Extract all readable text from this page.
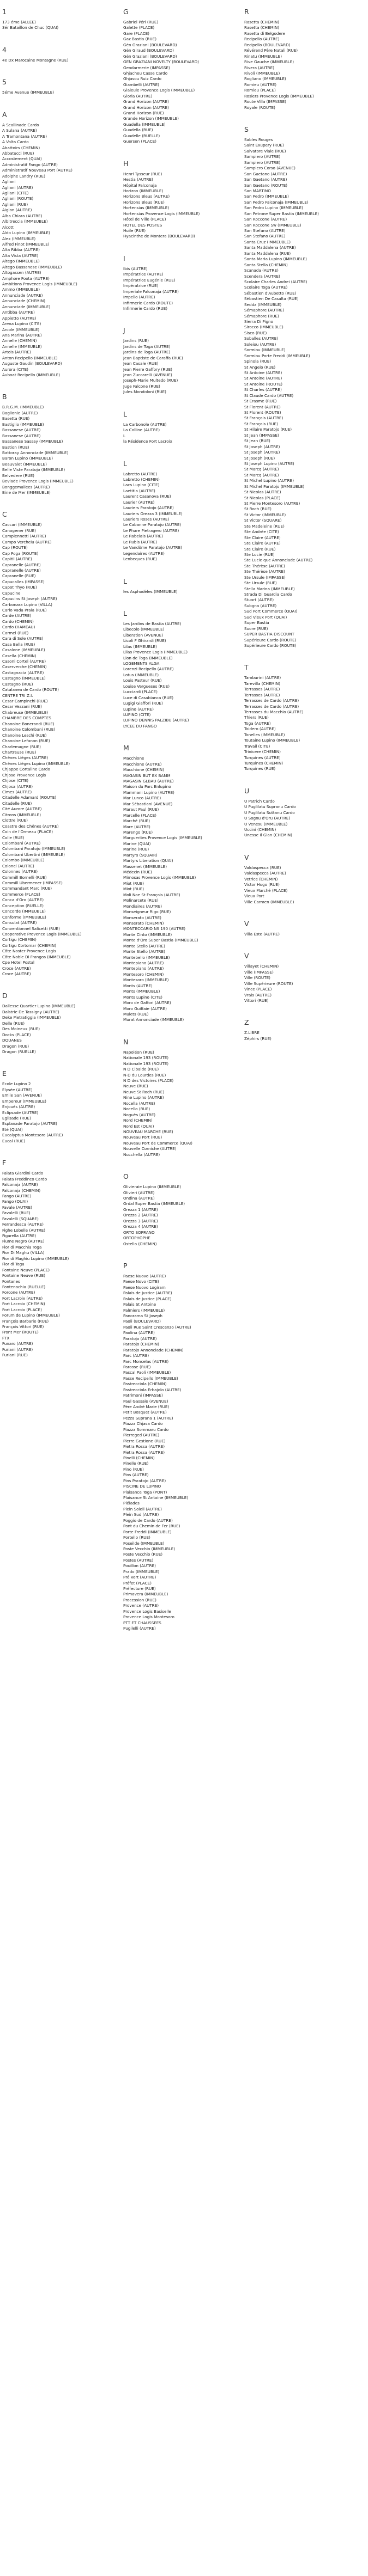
1
173 éme (ALLEE)
3ér Bataillon de Chuc (QUAI)
4
4e Dx Marocaine Montagne (RUE)
5
5éme Avenue (IMMEUBLE)
A
A Scallinade Cardo
A Sulana (AUTRE)
A Tramontana (AUTRE)
A Volta Cardo
Abattoirs (CHEMIN)
Abbatucci (RUE)
Accostement (QUAI)
Administratif Fango (AUTRE)
Administratif Nouveau Port (AUTRE)
Adolphe Landry (RUE)
Agliani
Agliani (AUTRE)
Agliani (CITE)
Agliani (ROUTE)
Agliani (RUE)
Aiglon (AUTRE)
Alba Chiara (AUTRE)
Albitreccia (IMMEUBLE)
Alcott
Aldo Lupino (IMMEUBLE)
Alex (IMMEUBLE)
Alfred Finot (IMMEUBLE)
Alta Ribba (AUTRE)
Alta Vista (AUTRE)
Altego (IMMEUBLE)
Altego Bassanese (IMMEUBLE)
Altogassen (AUTRE)
Amphore Foota (AUTRE)
Ambitions Provence Logis (IMMEUBLE)
Ammo (IMMEUBLE)
Annunciade (AUTRE)
Annunciade (CHEMIN)
Annunciade (IMMEUBLE)
Antibba (AUTRE)
Appietto (AUTRE)
Arena Lupino (CITE)
Arcole (IMMEUBLE)
Ana Marina (AUTRE)
Annelle (CHEMIN)
Annelle (IMMEUBLE)
Artois (AUTRE)
Anton Recipello (IMMEUBLE)
Auguste Gaudin (BOULEVARD)
Aurora (CITE)
Auboat Recipello (IMMEUBLE)
B
B.R.G.M. (IMMEUBLE)
Baglionie (AUTRE)
Basetta (RUE)
Bastiglio (IMMEUBLE)
Bassanese (AUTRE)
Bassanese (AUTRE)
Bassanese Sassay (IMMEUBLE)
Bastion (RUE)
Battoray Annonciade (IMMEUBLE)
Baron Lupino (IMMEUBLE)
Beauvalet (IMMEUBLE)
Belle Viste Paratojo (IMMEUBLE)
Belvedere (RUE)
Beviade Provence Logis (IMMEUBLE)
Bonggemaliees (AUTRE)
Bine de Mer (IMMEUBLE)
C
Caccari (IMMEUBLE)
Canogener (RUE)
Campiennetti (AUTRE)
Campo Vercheiu (AUTRE)
Cap (ROUTE)
Cap Foga (ROUTE)
Capitil (AUTRE)
Capranelle (AUTRE)
Capranelle (AUTRE)
Capranelle (RUE)
Capucalles (IMPASSE)
Capot Thyo (RUE)
Capucine
Capucins St Joseph (AUTRE)
Carbonara Lupino (VILLA)
Carlo Vada Praia (RUE)
Carde (AUTRE)
Cardo (CHEMIN)
Cardo (HAMEAU)
Carmel (RUE)
Cara di Sole (AUTRE)
Casa Bella (RUE)
Casalone (IMMEUBLE)
Casella (CHEMIN)
Casoni Cortel (AUTRE)
Caserverche (CHEMIN)
Castagnacia (AUTRE)
Castagno (IMMEUBLE)
Castagno (RUE)
Catalanea de Cardo (ROUTE)
CENTRE TRI Z.I.
Cesar Campinchi (RUE)
Cesar Vezzani (RUE)
Chabreuse (IMMEUBLE)
CHAMBRE DES COMPTES
Chanoine Bonerandi (RUE)
Chanoine Colombani (RUE)
Chanoine Leschi (RUE)
Chanoine Lefanon (RUE)
Charlemagne (RUE)
Chartreuse (RUE)
Chênes Liéges (AUTRE)
Chênes Liéges Lupino (IMMEUBLE)
Chjappe Cortaline Cardo
Chjose Provence Logis
Chjose (CITE)
Chjosa (AUTRE)
Cimes (AUTRE)
Citadelle Adamard (ROUTE)
Citadelle (RUE)
Cité Aurore (AUTRE)
Citrons (IMMEUBLE)
Clottre (RUE)
Coastre des Chênes (AUTRE)
Coin de l'Ormeau (PLACE)
Colle (RUE)
Colombani (AUTRE)
Colombani Paratojo (IMMEUBLE)
Colombani Ubertini (IMMEUBLE)
Colombo (IMMEUBLE)
Colonel (AUTRE)
Colonnes (AUTRE)
Commill Bornelli (RUE)
Commill Ubermener (IMPASSE)
Commandant Marc (RUE)
Commerce (PLACE)
Conca d'Oro (AUTRE)
Conception (RUELLE)
Concorde (IMMEUBLE)
Conforme (IMMEUBLE)
Consulat (AUTRE)
Conventionnel Salicetti (RUE)
Cooperative Provence Logis (IMMEUBLE)
Cortigu (CHEMIN)
Cortigu Cortomar (CHEMIN)
Côte Noster Provence Logis
Côte Noble Di Frangos (IMMEUBLE)
Cpe Hotel Postal
Croce (AUTRE)
Croce (AUTRE)
D
Dallesse Quartier Lupino (IMMEUBLE)
Dalstrie De Tassigny (AUTRE)
Deke Pietratiggia (IMMEUBLE)
Delle (RUE)
Des Moineux (RUE)
Docks (PLACE)
DOUANES
Dragon (RUE)
Dragon (RUELLE)
E
Ecole Lupino 2
Elysée (AUTRE)
Emile San (AVENUE)
Empereur (IMMEUBLE)
Enjoués (AUTRE)
Eclipsade (AUTRE)
Eglisade (RUE)
Esplanade Paratojo (AUTRE)
Eté (QUAI)
Eucalyptus Montesoro (AUTRE)
Eucal (RUE)
F
Falata Giardini Cardo
Falata Freddinco Cardo
Falconaja (AUTRE)
Falconaja (CHEMIN)
Fango (AUTRE)
Fango (QUAI)
Favale (AUTRE)
Favalelli (RUE)
Favalelli (SQUARE)
Ferrandesca (AUTRE)
Fighe Lobelle (AUTRE)
Figarella (AUTRE)
Fiume Negro (AUTRE)
Fior di Macchia Toga
Fior Di Maghu (VILLA)
Fior di Maghiu Lupino (IMMEUBLE)
Fior di Toga
Fontaine Neuve (PLACE)
Fontaine Neuve (RUE)
Fontanes
Fontenochia (RUELLE)
Forcone (AUTRE)
Fort Lacroix (AUTRE)
Fort Lacroix (CHEMIN)
Fort Lacroix (PLACE)
Forum de Lupino (IMMEUBLE)
François Barbarie (RUE)
François Vittori (RUE)
Front Mer (ROUTE)
FTX
Funaro (AUTRE)
Furiani (AUTRE)
Furiani (RUE)
G
Gabriel Péri (RUE)
Galette (PLACE)
Gare (PLACE)
Gaz Bastia (RUE)
Gén Graziani (BOULEVARD)
Gén Giraud (BOULEVARD)
Gén Graziani (BOULEVARD)
GEN GRAZIANI NOVELTY (BOULEVARD)
Gendarmerie (IMPASSE)
Ghjacheu Casse Cardo
Ghjasou Ruiz Cardo
Giambelli (AUTRE)
Glaieule Provence Logis (IMMEUBLE)
Gloria (AUTRE)
Grand Horizon (AUTRE)
Grand Horizon (AUTRE)
Grand Horizon (RUE)
Grande Horizon (IMMEUBLE)
Guadella (IMMEUBLE)
Guadella (RUE)
Guadelle (RUELLE)
Guersen (PLACE)
H
Henri Tysseur (RUE)
Hestia (AUTRE)
Hôpital Falconaja
Horizon (IMMEUBLE)
Horizons Bleus (AUTRE)
Horizons Bleus (RUE)
Hortensias (IMMEUBLE)
Hortensias Provence Logis (IMMEUBLE)
Hôtel de Ville (PLACE)
HOTEL DES POSTES
Huile (RUE)
Hyacinthe de Montera (BOULEVARD)
I
Ibis (AUTRE)
Impératrice (AUTRE)
Impératrice Eugénie (RUE)
Impératrice (RUE)
Imperiale Falconaja (AUTRE)
Impello (AUTRE)
Infirmerie Cardo (ROUTE)
Infirmerie Cardo (RUE)
J
Jardins (RUE)
Jardins de Toga (AUTRE)
Jardins de Toga (AUTRE)
Jean Baptiste de Caraffa (RUE)
Jean Casale (RUE)
Jean Pierre Gaffory (RUE)
Jean Zuccarelli (AVENUE)
Joseph-Marie Multedo (RUE)
Juge Falcone (RUE)
Jules Mondoloni (RUE)
L
La Carbonole (AUTRE)
La Colline (AUTRE)
L
la Résidence Fort Lacroix
L
Labretto (AUTRE)
Labretto (CHEMIN)
Lacs Lupino (CITE)
Laetitia (AUTRE)
Laurent Casanova (RUE)
Laurier (AUTRE)
Lauriers Paratojo (AUTRE)
Lauriers Orezza 3 (IMMEUBLE)
Lauriers Roses (AUTRE)
Le Cabanne Paratojo (AUTRE)
Le Phare Pietragero (AUTRE)
Le Rabelais (AUTRE)
Le Rubis (AUTRE)
Le Vandôme Paratojo (AUTRE)
Legendaires (AUTRE)
Lenbeques (RUE)
L
les Asphodèles (IMMEUBLE)
L
Les Jardins de Bastia (AUTRE)
Libecolo (IMMEUBLE)
Liberation (AVENUE)
Licoli F Ghirardi (RUE)
Lilas (IMMEUBLE)
Lilas Provence Logis (IMMEUBLE)
Lion de Toga (IMMEUBLE)
LOGEMENTS ALGA
Lorenzi Recipello (AUTRE)
Lotus (IMMEUBLE)
Louis Pasteur (RUE)
Louise Vergueses (RUE)
Lucciardi (PLACE)
Luce di Casabianca (RUE)
Lugigi Giaffori (RUE)
Lupino (AUTRE)
LUPINO (CITE)
LUPINO DENNIS PALZIBU (AUTRE)
LYCEE DU FANGO
M
Macchione
Macchione (AUTRE)
Macchione (CHEMIN)
MAGASIN BUT EX BAMM
MAGASIN GLBAU (AUTRE)
Maison du Parc Enlupino
Mammani Lupino (AUTRE)
Mar Lunco (AUTRE)
Mar Sébastiani (AVENUE)
Maraut Paul (RUE)
Marcelle (PLACE)
Marché (RUE)
Mare (AUTRE)
Marengo (RUE)
Marguerites Provence Logis (IMMEUBLE)
Marine (QUAI)
Marine (RUE)
Martyrs (SQUAIR)
Martyrs Liberation (QUAI)
Massenet (IMMEUBLE)
Médecin (RUE)
Mimosas Provence Logis (IMMEUBLE)
Miot (RUE)
Miot (RUE)
Moli Noe St François (AUTRE)
Molinarcete (RUE)
Mondiaires (AUTRE)
Monseigneur Rigo (RUE)
Monserato (AUTRE)
Monserato (CHEMIN)
MONTECCARIO NS 190 (AUTRE)
Monte Cinto (IMMEUBLE)
Monte d'Oro Super Bastia (IMMEUBLE)
Monte Stello (AUTRE)
Monte Stello (AUTRE)
Montebello (IMMEUBLE)
Montepiano (AUTRE)
Montepiano (AUTRE)
Montesoro (CHEMIN)
Montesoro (IMMEUBLE)
Monts (AUTRE)
Monts (IMMEUBLE)
Monts Lupino (CITE)
Moro de Gaffori (AUTRE)
Moro Guiffaie (AUTRE)
Mulets (RUE)
Murat Annonciade (IMMEUBLE)
N
Napoléon (RUE)
Nationale 193 (ROUTE)
Nationale 193 (ROUTE)
N D Cibalde (RUE)
N-D du Lourdes (RUE)
N D des Victoires (PLACE)
Neuve (RUE)
Neuve St Roch (RUE)
Nine Lupino (AUTRE)
Nocella (AUTRE)
Nocello (RUE)
Noguès (AUTRE)
Nord (CHEMIN)
Nord Est (QUAI)
NOUVEAU MARCHE (RUE)
Nouveau Port (RUE)
Nouveau Port de Commerce (QUAI)
Nouvelle Corniche (AUTRE)
Nucchella (AUTRE)
O
Olivieraie Lupino (IMMEUBLE)
Olivieri (AUTRE)
Ondina (AUTRE)
Ordal Super Bastia (IMMEUBLE)
Orezza 1 (AUTRE)
Orezza 2 (AUTRE)
Orezza 3 (AUTRE)
Orezza 4 (AUTRE)
ORTO SOPRANO
ORTOPHOPHE
Ostello (CHEMIN)
P
Paese Nuovo (AUTRE)
Paese Novo (CITE)
Paese Nuovo Logiram
Palais de Justice (AUTRE)
Palais de Justice (PLACE)
Palais St Antoine
Palmiers (IMMEUBLE)
Panorama St Joseph
Paoli (BOULEVARD)
Paoli Rue Saint Crescenzo (AUTRE)
Paolina (AUTRE)
Paratojo (AUTRE)
Paratojo (CHEMIN)
Paratojo Annonciade (CHEMIN)
Parc (AUTRE)
Parc Moncelas (AUTRE)
Parcose (RUE)
Pascal Paoli (IMMEUBLE)
Passe Recipello (IMMEUBLE)
Pastrecciola (CHEMIN)
Pastrecciola Erbajolo (AUTRE)
Patrimoni (IMPASSE)
Paul Gassale (AVENUE)
Père André Marie (RUE)
Petit Bosquet (AUTRE)
Pezza Suprana 1 (AUTRE)
Piazza Chjasa Cardo
Piazza Sommaru Cardo
Pierreged (AUTRE)
Pierre Gestione (RUE)
Pietra Rossa (AUTRE)
Pietra Rossa (AUTRE)
Pinelli (CHEMIN)
Pinelle (RUE)
Pino (RUE)
Pins (AUTRE)
Pins Paratojo (AUTRE)
PISCINE DE LUPINO
Plaisance Toga (PONT)
Plaisance St Antoine (IMMEUBLE)
Pléiades
Plein Soleil (AUTRE)
Plein Sud (AUTRE)
Poggio de Cardo (AUTRE)
Pont du Chemin de Fer (RUE)
Porte Freddi (IMMEUBLE)
Portello (RUE)
Poseilde (IMMEUBLE)
Poste Vecchio (IMMEUBLE)
Poste Vecchio (RUE)
Postes (AUTRE)
Pouillon (AUTRE)
Prado (IMMEUBLE)
Pré Vert (AUTRE)
Préfet (PLACE)
Préfecture (RUE)
Primavera (IMMEUBLE)
Procession (RUE)
Provence (AUTRE)
Provence Logis Basiselle
Provence Logis Montesoro
PTT ET CHAUSSEES
Pugilelli (AUTRE)
R
Rasetta (CHEMIN)
Rasetta (CHEMIN)
Rasetta di Belgodere
Recipello (AUTRE)
Recipello (BOULEVARD)
Révérend Père Natali (RUE)
Rinatu (IMMEUBLE)
Rive Gauche (IMMEUBLE)
Rivera (AUTRE)
Rivoli (IMMEUBLE)
Rogliano (IMMEUBLE)
Romieu (AUTRE)
Romieu (PLACE)
Rosiers Provence Logis (IMMEUBLE)
Route Villa (IMPASSE)
Royale (ROUTE)
S
Sables Rouges
Saint Exupery (RUE)
Salvatore Viale (RUE)
Sampiero (AUTRE)
Sampiero (AUTRE)
Sampiero Corso (AVENUE)
San Gaetano (AUTRE)
San Gaetano (AUTRE)
San Gaetano (ROUTE)
San MARTINO
San Pedro (IMMEUBLE)
San Pedro Falconaja (IMMEUBLE)
San Pedro Lupino (IMMEUBLE)
San Petrone Super Bastia (IMMEUBLE)
San Roccone (AUTRE)
San Roccone Sw (IMMEUBLE)
San Stefano (AUTRE)
San Stefano (AUTRE)
Santa Cruz (IMMEUBLE)
Santa Maddalena (AUTRE)
Santa Maddalena (RUE)
Santa Maria Lupino (IMMEUBLE)
Santa Stella (CHEMIN)
Scanada (AUTRE)
Scendera (AUTRE)
Scolaire Charles Andrei (AUTRE)
Scolaire Toga (AUTRE)
Sébastien d'Aubetto (RUE)
Sébastien De Casalta (RUE)
Sedda (IMMEUBLE)
Sémaphore (AUTRE)
Sémaphore (RUE)
Sierra Di Pigno
Sirocco (IMMEUBLE)
Sisco (RUE)
Soballes (AUTRE)
Soleiou (AUTRE)
Sormiou (IMMEUBLE)
Sormiou Porte Freddi (IMMEUBLE)
Spinola (RUE)
St Angelo (RUE)
St Antoine (AUTRE)
St Antoine (AUTRE)
St Antoine (ROUTE)
St Charles (AUTRE)
St Claude Cardo (AUTRE)
St Erasme (RUE)
St Florent (AUTRE)
St Florent (ROUTE)
St François (AUTRE)
St François (RUE)
St Hilaire Paratojo (RUE)
St Jean (IMPASSE)
St Jean (RUE)
St Joseph (AUTRE)
St Joseph (AUTRE)
St Joseph (RUE)
St Joseph Lupino (AUTRE)
St Marcq (AUTRE)
St Marcq (AUTRE)
St Michel Lupino (AUTRE)
St Michel Paratojo (IMMEUBLE)
St Nicolas (AUTRE)
St Nicolas (PLACE)
St Pierre Montesoro (AUTRE)
St Roch (RUE)
St Victor (IMMEUBLE)
St Victor (SQUARE)
Ste Madeleine (RUE)
Ste Andrée (CITE)
Ste Claire (AUTRE)
Ste Claire (AUTRE)
Ste Claire (RUE)
Ste Lucie (RUE)
Ste Lucie que Annonciade (AUTRE)
Ste Thérèse (AUTRE)
Ste Thérèse (AUTRE)
Ste Ursule (IMPASSE)
Ste Ursule (RUE)
Stella Marina (IMMEUBLE)
Strada Di Guardia Cardo
Stuart (AUTRE)
Subgna (AUTRE)
Sud Port Commerce (QUAI)
Sud Vieux Port (QUAI)
Super Bastia
Suore (RUE)
SUPER BASTIA DISCOUNT
Supérieure Cardo (ROUTE)
Supérieure Cardo (ROUTE)
T
Tamburini (AUTRE)
Tarevilla (CHEMIN)
Terrasses (AUTRE)
Terrasses (AUTRE)
Terrasses de Cardo (AUTRE)
Terrasses de Cardo (AUTRE)
Terrasses du Macchio (AUTRE)
Thiers (RUE)
Toga (AUTRE)
Toidero (AUTRE)
Tonelles (IMMEUBLE)
Toutaine Lupino (IMMEUBLE)
Travail (CITE)
Trinicere (CHEMIN)
Turquines (AUTRE)
Turquines (CHEMIN)
Turquines (RUE)
U
U Patrich Cardo
U Puglilatu Supranu Cardo
U Puglilatu Suttanu Cardo
U Sognu d'Oru (AUTRE)
U Venesu (IMMEUBLE)
Uccini (CHEMIN)
Unesse Il Gian (CHEMIN)
V
Valdaspecca (RUE)
Valdaspecca (AUTRE)
Vetrice (CHEMIN)
Victor Hugo (RUE)
Vieux Marché (PLACE)
Vieux Port
Ville Carmen (IMMEUBLE)
V
Villa Este (AUTRE)
V
Villayet (CHEMIN)
Ville (IMPASSE)
Ville (ROUTE)
Ville Supérieure (ROUTE)
Vince (PLACE)
Vrais (AUTRE)
Vittori (RUE)
Z
Z.LIBRE
Zéphirs (RUE)
